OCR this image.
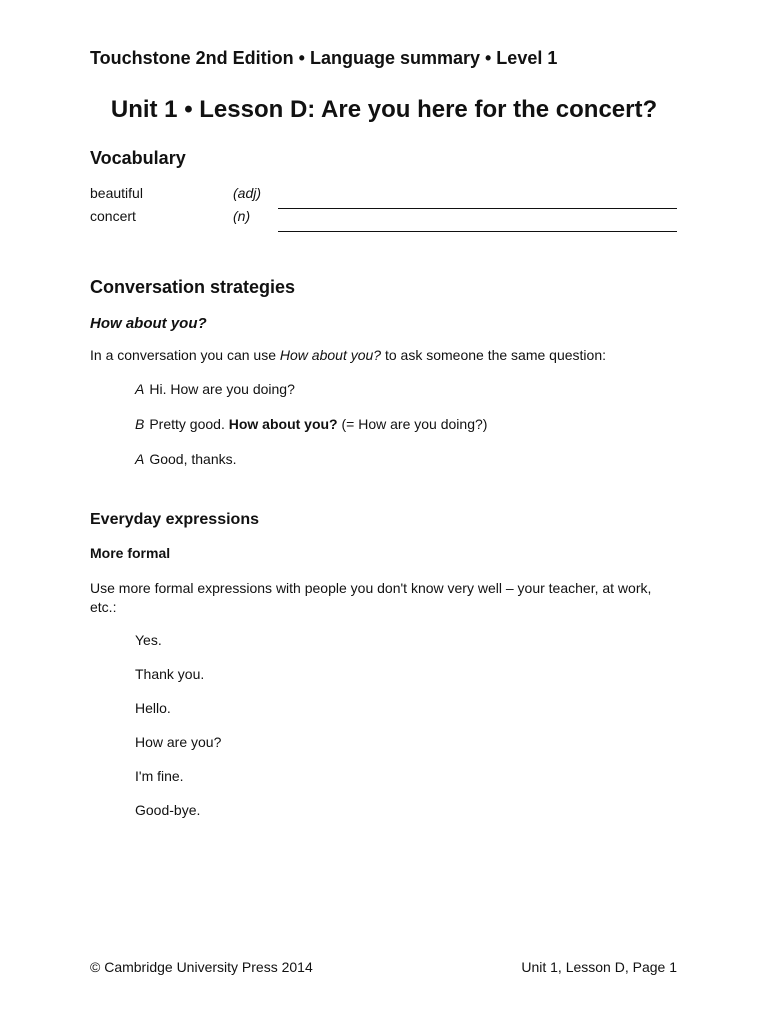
Touchstone 2nd Edition • Language summary • Level 1
Unit 1 • Lesson D: Are you here for the concert?
Vocabulary
beautiful	(adj)
concert	(n)
Conversation strategies
How about you?
In a conversation you can use How about you? to ask someone the same question:
A Hi. How are you doing?
B Pretty good. How about you? (= How are you doing?)
A Good, thanks.
Everyday expressions
More formal
Use more formal expressions with people you don't know very well – your teacher, at work, etc.:
Yes.
Thank you.
Hello.
How are you?
I'm fine.
Good-bye.
© Cambridge University Press 2014	Unit 1, Lesson D, Page 1
